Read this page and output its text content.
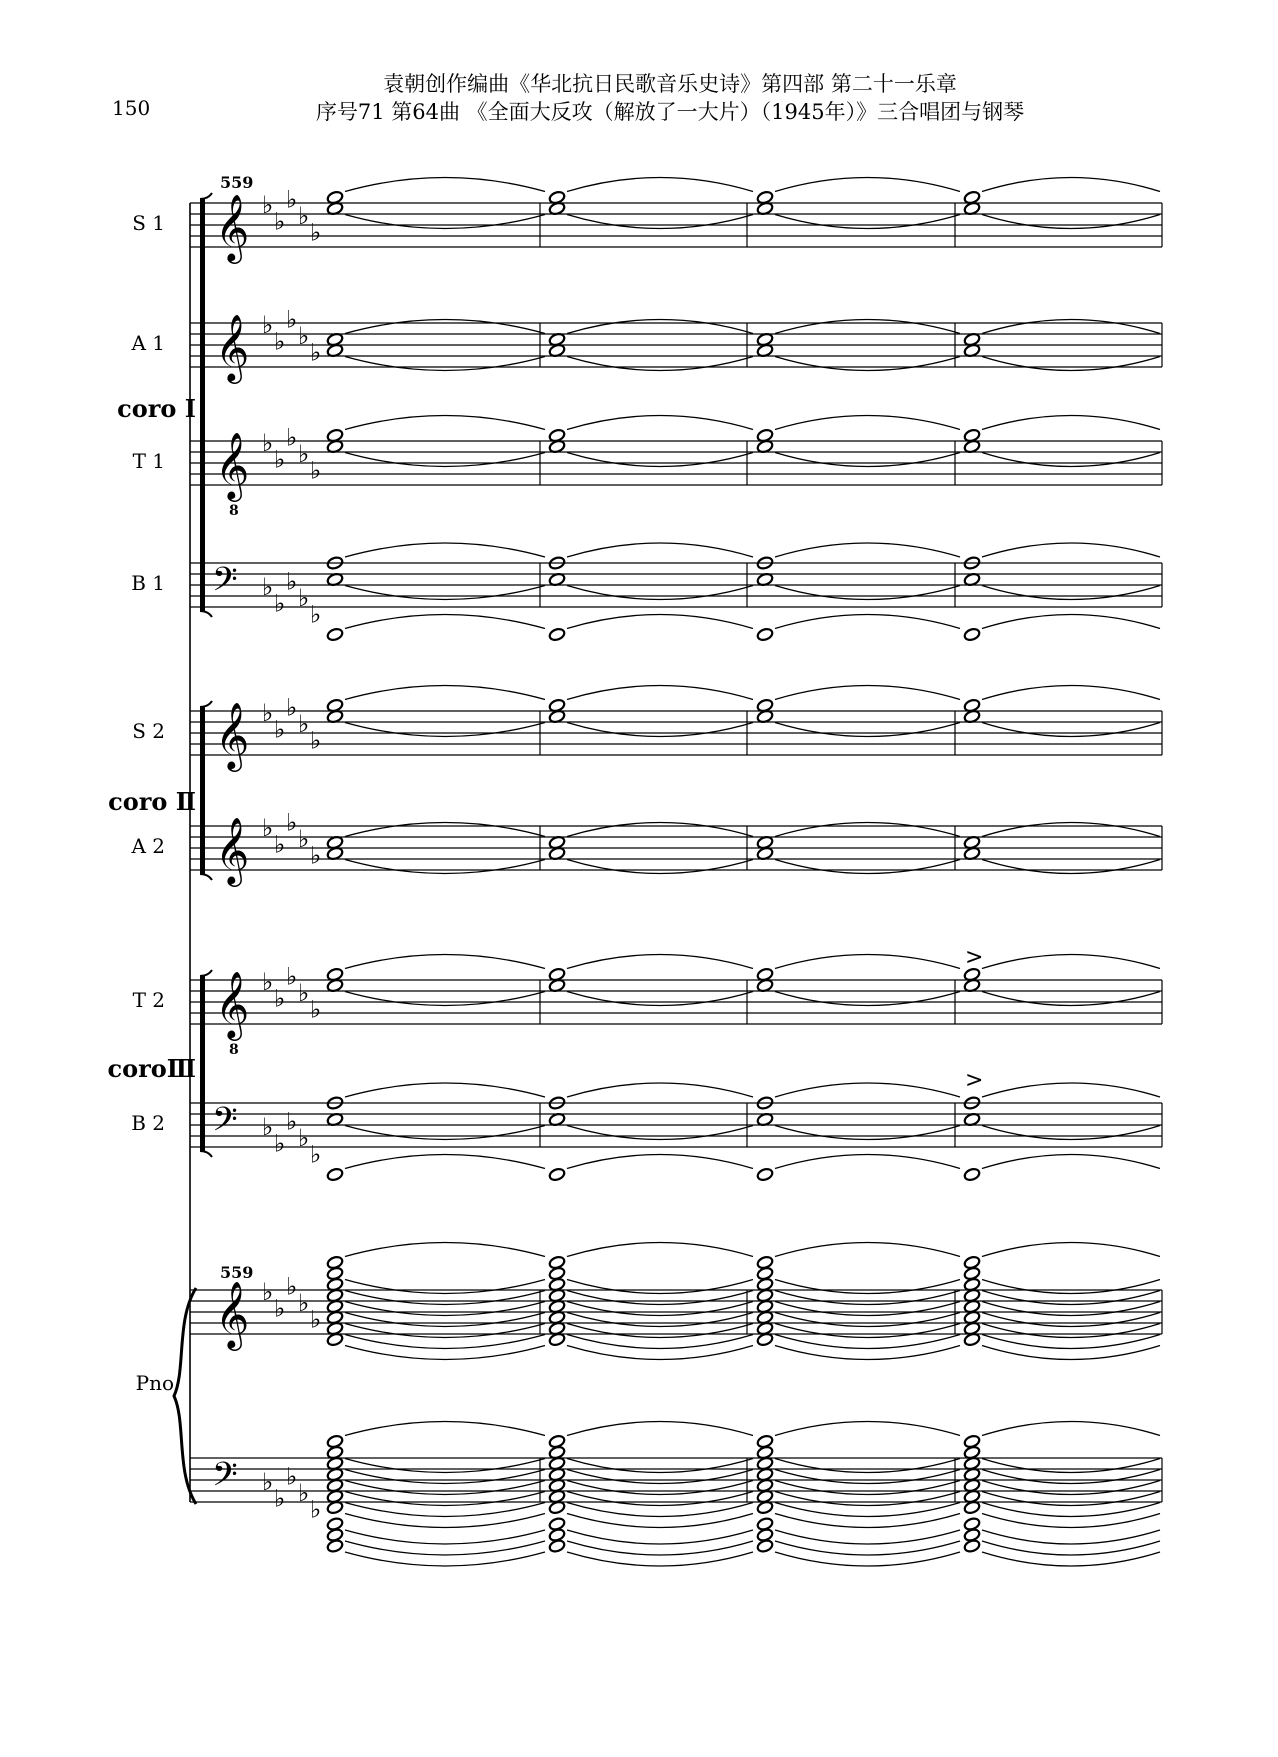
150
袁朝创作编曲《华北抗日民歌音乐史诗》第四部 第二十一乐章
序号71 第64曲 《全面大反攻（解放了一大片）（1945年）》三合唱团与钢琴
S 1
A 1
T 1
B 1
S 2
A 2
T 2
B 2
559
559
coro Ⅰ
coro Ⅱ
coroⅢ
Pno.
𝄞 ♭
♭
♭
♭
♭
𝄞 ♭
♭
♭
♭
♭
𝄞
8
♭
♭
♭
♭
♭
𝄢 ♭
♭
♭
♭
♭
𝄞 ♭
♭
♭
♭
♭
𝄞 ♭
♭
♭
♭
♭
𝄞
8
♭
♭
♭
♭
♭
>
𝄢 ♭
♭
♭
♭
♭
>
𝄞 ♭
♭
♭
♭
♭
𝄢 ♭
♭
♭
♭
♭
